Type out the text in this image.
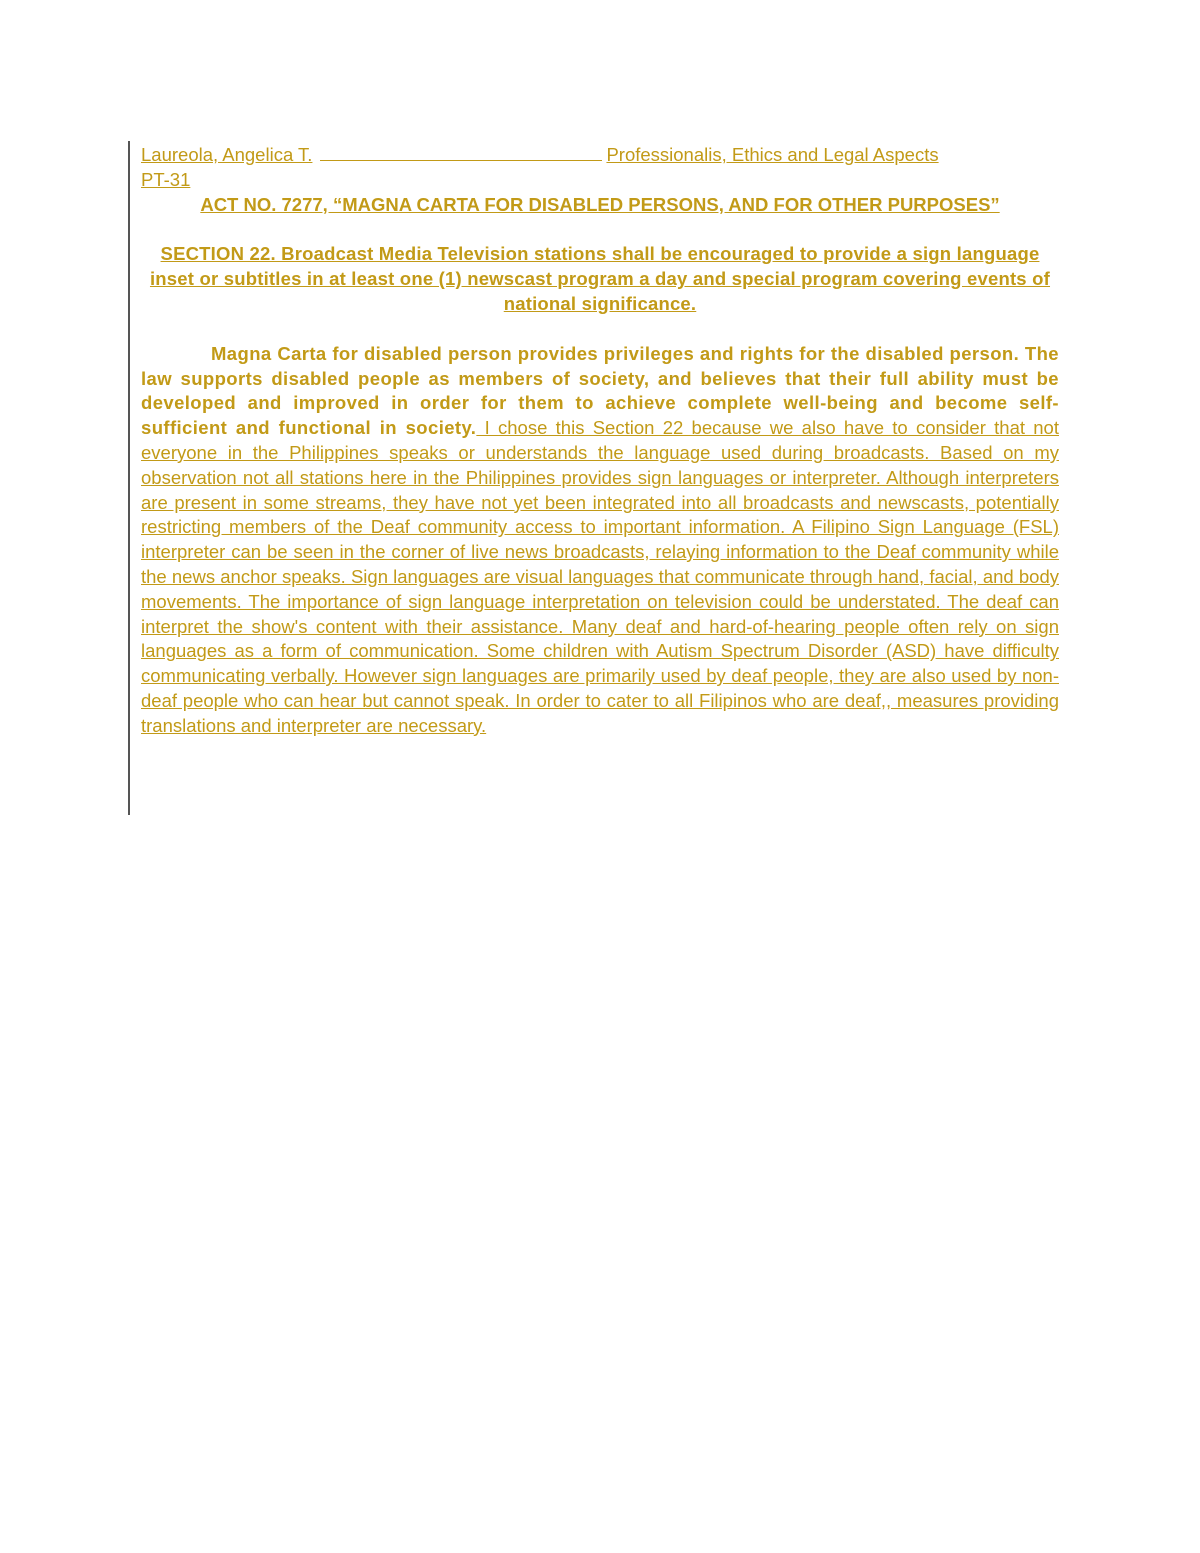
Laureola, Angelica T.	Professionalis, Ethics and Legal Aspects
PT-31
ACT NO. 7277, “MAGNA CARTA FOR DISABLED PERSONS, AND FOR OTHER PURPOSES”
SECTION 22. Broadcast Media Television stations shall be encouraged to provide a sign language inset or subtitles in at least one (1) newscast program a day and special program covering events of national significance.

Magna Carta for disabled person provides privileges and rights for the disabled person. The law supports disabled people as members of society, and believes that their full ability must be developed and improved in order for them to achieve complete well-being and become self-sufficient and functional in society. I chose this Section 22 because we also have to consider that not everyone in the Philippines speaks or understands the language used during broadcasts. Based on my observation not all stations here in the Philippines provides sign languages or interpreter. Although interpreters are present in some streams, they have not yet been integrated into all broadcasts and newscasts, potentially restricting members of the Deaf community access to important information. A Filipino Sign Language (FSL) interpreter can be seen in the corner of live news broadcasts, relaying information to the Deaf community while the news anchor speaks. Sign languages are visual languages that communicate through hand, facial, and body movements. The importance of sign language interpretation on television could be understated. The deaf can interpret the show's content with their assistance. Many deaf and hard-of-hearing people often rely on sign languages as a form of communication. Some children with Autism Spectrum Disorder (ASD) have difficulty communicating verbally. However sign languages are primarily used by deaf people, they are also used by non-deaf people who can hear but cannot speak. In order to cater to all Filipinos who are deaf,, measures providing translations and interpreter are necessary.
